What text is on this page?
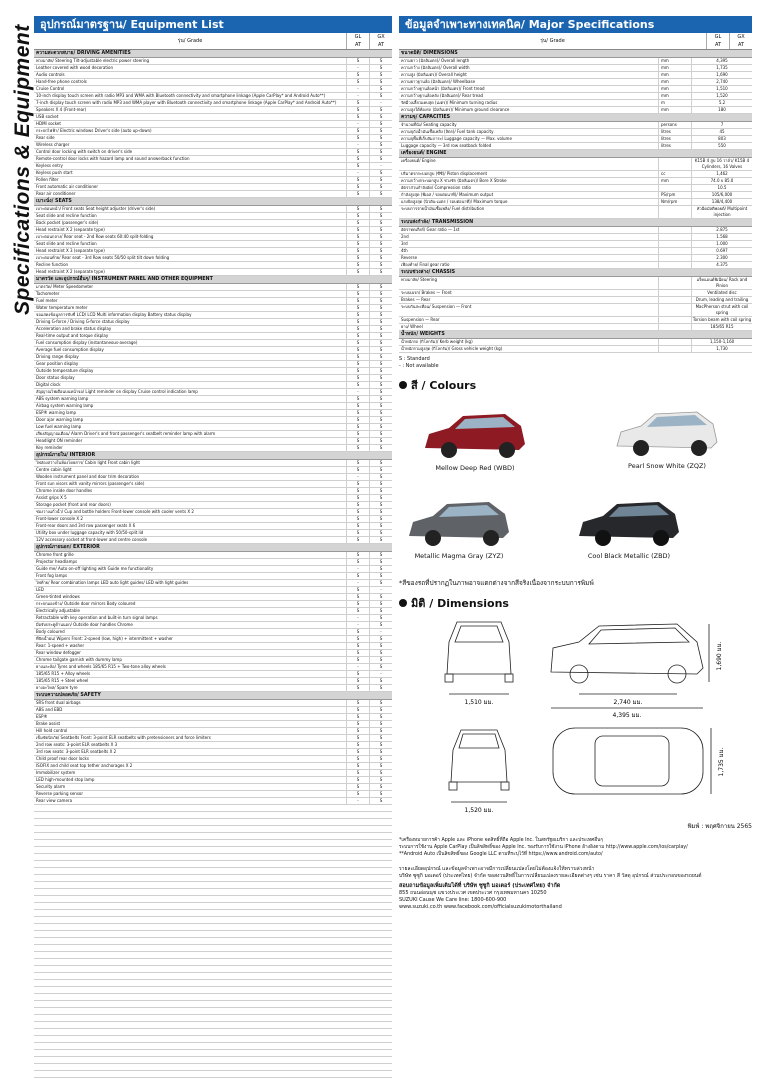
Specifications & Equipment อุปกรณ์มาตรฐาน/ Equipment List
รุ่น/ Grade
GL
AT
GX
AT
ความสะดวกสบาย/ DRIVING AMENITIES
พวงมาลัย/ Steering Tilt-adjustable electric power steering	S	S
Leather covered with wood decoration	-	S
Audio controls	S	S
Hand-free phone controls	S	S
Cruise Control	-	S
10-inch display touch screen with radio MP3 and WMA with Bluetooth connectivity and smartphone linkage (Apple CarPlay* and Android Auto**)	-	S
7-inch display touch screen with radio MP3 and WMA player with Bluetooth connectivity and smartphone linkage (Apple CarPlay* and Android Auto**)	S	-
Speakers X 4 (Front-rear)	S	S
USB socket	S	S
HDMI socket	-	S
กระจกไฟฟ้า/ Electric windows Driver's side (auto up-down)	S	S
Rear side	S	S
Wireless charger	-	S
Control door locking with switch on driver's side	S	S
Remote-control door locks with hazard lamp and sound answerback function	S	S
Keyless entry	S	-
Keyless push start	-	S
Pollen filter	S	S
Front automatic air conditioner	S	S
Rear air conditioner	S	S
เบาะนั่ง/ SEATS
เบาะตอนหน้า/ Front seats Seat height adjuster (driver's side)	S	S
Seat slide and recline function	S	S
Back pocket (passenger's side)	S	S
Head restraint X 2 (separate type)	S	S
เบาะตอนกลาง/ Rear seat - 2nd Row seats 60:40 split-folding	S	S
Seat slide and recline function	S	S
Head restraint X 3 (separate type)	S	S
เบาะตอนท้าย/ Rear seat - 3rd Row seats 50/50 split tilt down folding	S	S
Recline function	S	S
Head restraint X 2 (separate type)	S	S
มาตรวัด และอุปกรณ์อื่นๆ/ INSTRUMENT PANEL AND OTHER EQUIPMENT
มาตรวัด/ Meter Speedometer	S	S
Tachometer	S	S
Fuel meter	S	S
Water temperature meter	S	S
จอแสดงข้อมูลการขับขี่ LCD/ LCD Multi information display Battery status display	S	S
Driving G-force / Driving G-force status display	S	S
Acceleration and brake status display	S	S
Real-time output and torque display	S	S
Fuel consumption display (instantaneous-average)	S	S
Average fuel consumption display	S	S
Driving range display	S	S
Gear position display	S	S
Outside temperature display	S	S
Door status display	S	S
Digital clock	S	S
สัญญาณไฟเตือนบนหน้าจอ/ Light reminder on display Cruise control indication lamp	-	S
ABS system warning lamp	S	S
Airbag system warning lamp	S	S
ESP® warning lamp	S	S
Door ajar warning lamp	S	S
Low fuel warning lamp	S	S
เสียงสัญญาณเตือน/ Alarm Driver's and front passenger's seatbelt reminder lamp with alarm	S	S
Headlight ON reminder	S	S
Key reminder	S	S
อุปกรณ์ภายใน/ INTERIOR
ไฟส่องสว่างในห้องโดยสาร/ Cabin light Front cabin light	S	S
Centre cabin light	S	S
Wooden instrument panel and door trim decoration	-	S
Front sun visors with vanity mirrors (passenger's side)	S	S
Chrome inside door handles	S	S
Assist grips X 5	S	S
Storage pocket (front and rear doors)	S	S
ช่องวางแก้วน้ำ/ Cup and bottle holders Front-lower console with cooler vents X 2	S	S
Front-lower console X 2	S	S
Front-rear doors and 3rd row passenger seats X 6	S	S
Utility box under luggage capacity with 50/50-split lid	S	S
12V accessory socket at front-lower and centre console	S	S
อุปกรณ์ภายนอก/ EXTERIOR
Chrome front grille	S	S
Projector headlamps	S	S
Guide me/ Auto on-off lighting with Guide me functionality	-	S
Front fog lamps	S	S
ไฟท้าย/ Rear combination lamps LED auto light guides/ LED with light guides	-	S
LED	S	-
Green-tinted windows	S	S
กระจกมองข้าง/ Outside door mirrors Body coloured	S	S
Electrically adjustable	S	S
Retractable with key operation and built-in turn signal lamps	-	S
มือจับประตูด้านนอก/ Outside door handles Chrome	-	S
Body coloured	S	-
ที่ปัดน้ำฝน/ Wipers Front: 2-speed (low, high) + intermittent + washer	S	S
Rear: 1-speed + washer	S	S
Rear window defogger	S	S
Chrome tailgate garnish with dummy lamp	S	S
ยางและล้อ/ Tyres and wheels 185/65 R15 + Two-tone alloy wheels	-	S
185/65 R15 + Alloy wheels	S	-
185/65 R15 + Steel wheel	S	S
ยางอะไหล่/ Spare tyre	S	S
ระบบความปลอดภัย/ SAFETY
SRS front dual airbags	S	S
ABS and EBD	S	S
ESP®	S	S
Brake assist	S	S
Hill hold control	S	S
เข็มขัดนิรภัย/ Seatbelts Front: 3-point ELR seatbelts with pretensioners and force limiters	S	S
2nd row seats: 3-point ELR seatbelts X 3	S	S
3rd row seats: 3-point ELR seatbelts X 2	S	S
Child proof rear door locks	S	S
ISOFIX and child seat top tether anchorages X 2	S	S
Immobilizer system	S	S
LED high-mounted stop lamp	S	S
Security alarm	S	S
Reverse parking sensor	S	S
Rear view camera	-	S
ข้อมูลจำเพาะทางเทคนิค/ Major Specifications
รุ่น/ Grade
GL
AT
GX
AT
ขนาดมิติ/ DIMENSIONS
ความยาว (มิลลิเมตร)/ Overall length	mm	4,395
ความกว้าง (มิลลิเมตร)/ Overall width	mm	1,735
ความสูง (มิลลิเมตร)/ Overall height	mm	1,690
ความยาวฐานล้อ (มิลลิเมตร)/ Wheelbase	mm	2,740
ความกว้างฐานล้อหน้า (มิลลิเมตร)/ Front tread	mm	1,510
ความกว้างฐานล้อหลัง (มิลลิเมตร)/ Rear tread	mm	1,520
รัศมีวงเลี้ยวแคบสุด (เมตร)/ Minimum turning radius	m	5.2
ความสูงใต้ท้องรถ (มิลลิเมตร)/ Minimum ground clearance	mm	180
ความจุ/ CAPACITIES
จำนวนที่นั่ง/ Seating capacity	persons	7
ความจุถังน้ำมันเชื้อเพลิง (ลิตร)/ Fuel tank capacity	litres	45
ความจุพื้นที่เก็บสัมภาระ/ Luggage capacity — Max. volume	litres	803
Luggage capacity — 3rd row seatback folded	litres	550
เครื่องยนต์/ ENGINE
เครื่องยนต์/ Engine	K15B 4 สูบ 16 วาล์ว/ K15B 4 Cylinders, 16 Valves
ปริมาตรกระบอกสูบ (ซีซี)/ Piston displacement	cc	1,462
ความกว้างกระบอกสูบ X ช่วงชัก (มิลลิเมตร)/ Bore X Stroke	mm	74.0 x 85.0
อัตราส่วนกำลังอัด/ Compression ratio	10.5
กำลังสูงสุด (พีเอส / รอบต่อนาที)/ Maximum output	PS/rpm	105/6,000
แรงบิดสูงสุด (นิวตัน-เมตร / รอบต่อนาที)/ Maximum torque	Nm/rpm	138/4,400
ระบบการจ่ายน้ำมันเชื้อเพลิง/ Fuel distribution	หัวฉีดมัลติพอยต์/ Multipoint injection
ระบบส่งกำลัง/ TRANSMISSION
อัตราทดเกียร์/ Gear ratio — 1st	2.875
2nd	1.568
3rd	1.000
4th	0.697
Reverse	2.300
เฟืองท้าย/ Final gear ratio	4.375
ระบบช่วงล่าง/ CHASSIS
พวงมาลัย/ Steering	แร็คแอนด์พิเนียน/ Rack and Pinion
ระบบเบรก/ Brakes — Front	Ventilated disc
Brakes — Rear	Drum, leading and trailing
ระบบกันสะเทือน/ Suspension — Front	MacPherson strut with coil spring
Suspension — Rear	Torsion beam with coil spring
ยาง/ Wheel	185/65 R15
น้ำหนัก/ WEIGHTS
น้ำหนักรถ (กิโลกรัม)/ Kerb weight (kg)	1,150-1,160
น้ำหนักรวมสูงสุด (กิโลกรัม)/ Gross vehicle weight (kg)	1,730
S : Standard
- : Not available
สี / Colours
Mellow Deep Red (WBD)	Pearl Snow White (ZQZ)
Metallic Magma Gray (ZYZ)	Cool Black Metallic (ZBD)
*สีของรถที่ปรากฏในภาพอาจแตกต่างจากสีจริงเนื่องจากระบบการพิมพ์
มิติ / Dimensions
1,510 มม.
1,690 มม.
2,740 มม.
4,395 มม.
1,520 มม.
1,735 มม.
พิมพ์ : พฤศจิกายน 2565
*เครื่องหมายการค้า Apple และ iPhone จดสิทธิ์ที่ถือ Apple Inc. ในสหรัฐอเมริกา และประเทศอื่นๆ
ระบบการใช้งาน Apple CarPlay เป็นลิขสิทธิ์ของ Apple Inc. รองรับการใช้งาน iPhone อ้างอิงตาม http://www.apple.com/ios/carplay/
**Android Auto เป็นลิขสิทธิ์ของ Google LLC ตามที่ระบุไว้ที่ https://www.android.com/auto/
รายละเอียดอุปกรณ์ และข้อมูลจำเพาะอาจมีการเปลี่ยนแปลงโดยไม่ต้องแจ้งให้ทราบล่วงหน้า
บริษัท ซูซูกิ มอเตอร์ (ประเทศไทย) จำกัด ขอสงวนสิทธิ์ในการเปลี่ยนแปลงรายละเอียดต่างๆ เช่น ราคา สี วัสดุ อุปกรณ์ ส่วนประกอบของรถยนต์
สอบถามข้อมูลเพิ่มเติมได้ที่ บริษัท ซูซูกิ มอเตอร์ (ประเทศไทย) จำกัด
855 ถนนอ่อนนุช แขวงประเวศ เขตประเวศ กรุงเทพมหานคร 10250
SUZUKI Cause We Care line: 1800-600-900
www.suzuki.co.th www.facebook.com/officialsuzukimotorthailand
